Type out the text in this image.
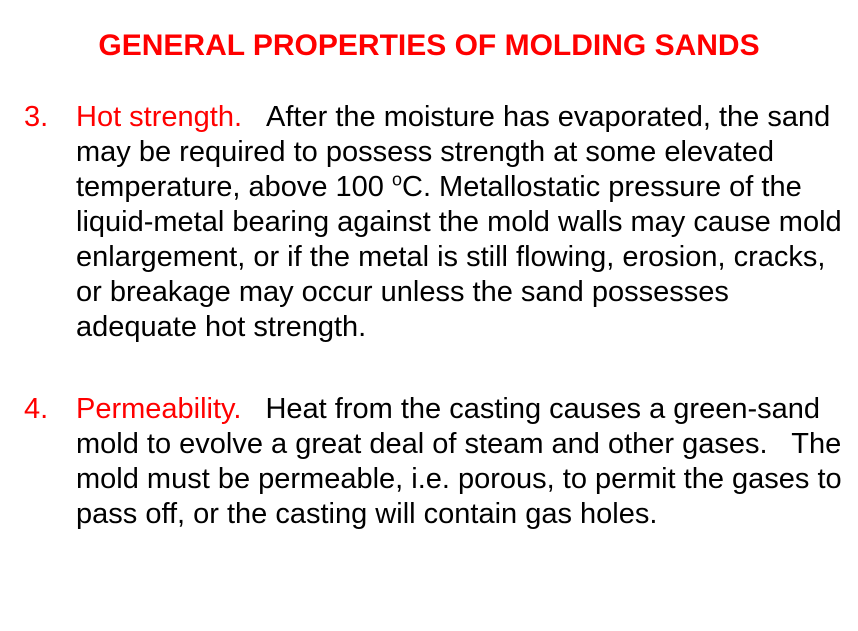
GENERAL PROPERTIES OF MOLDING SANDS
3. Hot strength. After the moisture has evaporated, the sand may be required to possess strength at some elevated temperature, above 100 $^o$C. Metallostatic pressure of the liquid-metal bearing against the mold walls may cause mold enlargement, or if the metal is still flowing, erosion, cracks, or breakage may occur unless the sand possesses adequate hot strength.
4. Permeability. Heat from the casting causes a green-sand mold to evolve a great deal of steam and other gases.   The mold must be permeable, i.e. porous, to permit the gases to pass off, or the casting will contain gas holes.
